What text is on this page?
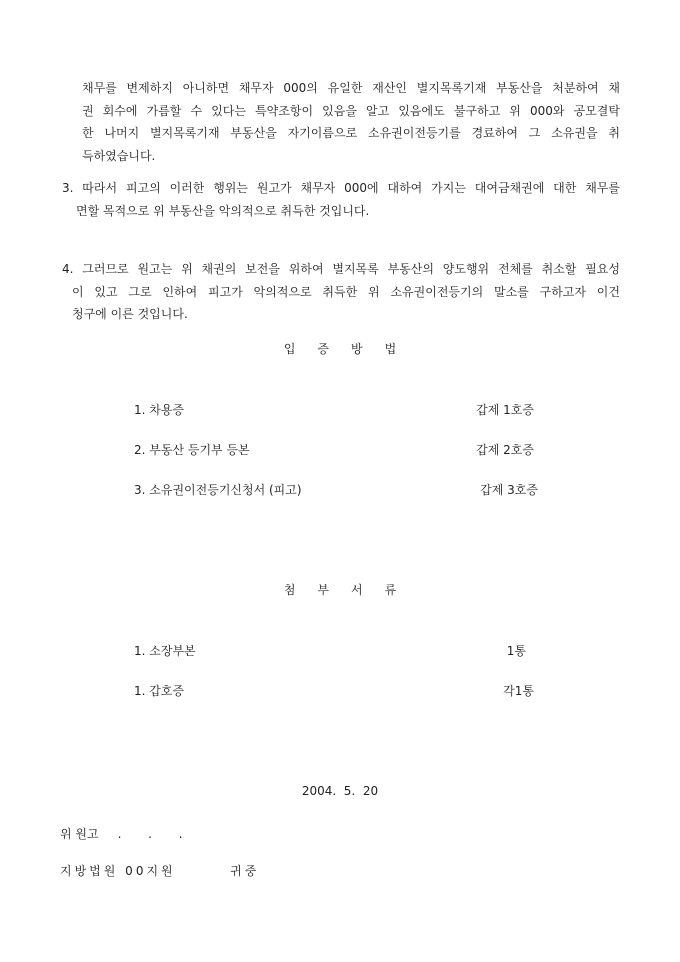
채무를 변제하지 아니하면 채무자 000의 유일한 재산인 별지목록기재 부동산을 처분하여 채
권 회수에 가름할 수 있다는 특약조항이 있음을 알고 있음에도 불구하고 위 000와 공모결탁
한 나머지 별지목록기재 부동산을 자기이름으로 소유권이전등기를 경료하여 그 소유권을 취
득하였습니다.
3. 따라서 피고의 이러한 행위는 원고가 채무자 000에 대하여 가지는 대여금채권에 대한 채무를
면할 목적으로 위 부동산을 악의적으로 취득한 것입니다.
4. 그러므로 원고는 위 채권의 보전을 위하여 별지목록 부동산의 양도행위 전체를 취소할 필요성
이 있고 그로 인하여 피고가 악의적으로 취득한 위 소유권이전등기의 말소를 구하고자 이건
청구에 이른 것입니다.
입증방법
1. 차용증	갑제 1호증
2. 부동산 등기부 등본	갑제 2호증
3. 소유권이전등기신청서 (피고)	갑제 3호증
첨부서류
1. 소장부본	1통
1. 갑호증	각1통
2004.  5.  20
위 원고     .       .       .
지방법원 00지원        귀중
